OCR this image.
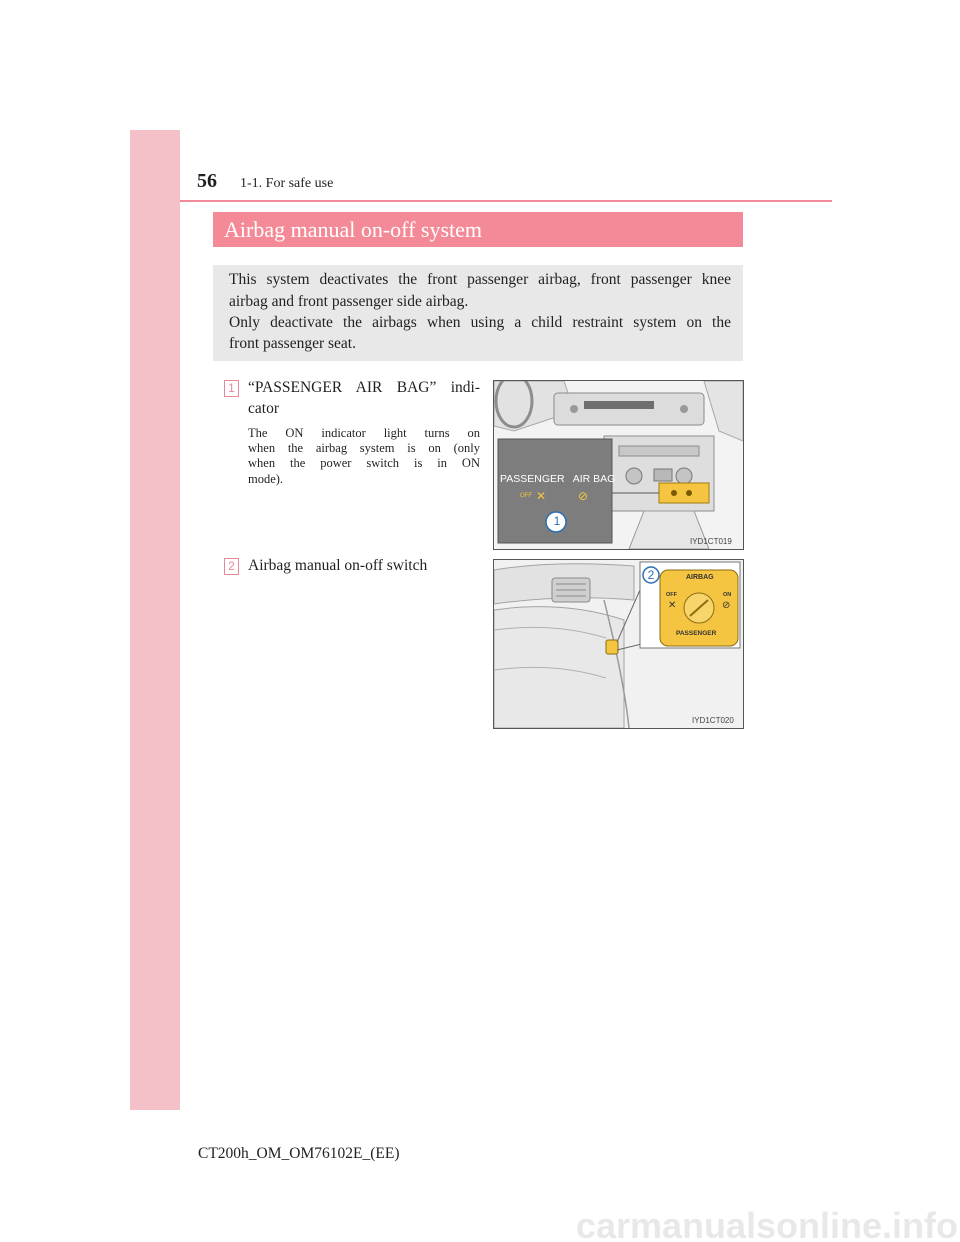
56 1-1. For safe use
Airbag manual on-off system
This system deactivates the front passenger airbag, front passenger knee
airbag and front passenger side airbag.
Only deactivate the airbags when using a child restraint system on the
front passenger seat.
1 “PASSENGER AIR BAG” indi-
cator
The ON indicator light turns on
when the airbag system is on (only
when the power switch is in ON
mode).	PASSENGER   AIR BAG
OFF ✕	⊘
1
IYD1CT019
2 Airbag manual on-off switch
AIRBAG
OFF	ON
✕	⊘
PASSENGER
2
IYD1CT020
CT200h_OM_OM76102E_(EE)
carmanualsonline.info
